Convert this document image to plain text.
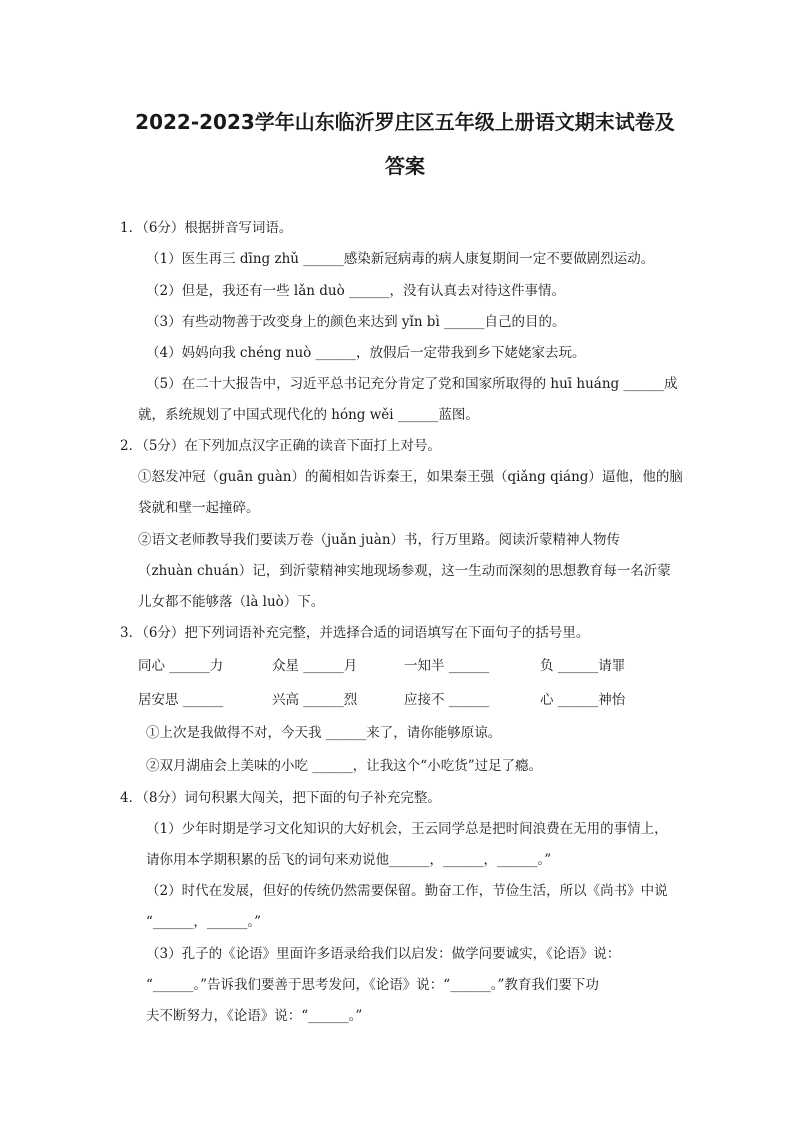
2022-2023学年山东临沂罗庄区五年级上册语文期末试卷及
答案
1．（6分）根据拼音写词语。
（1）医生再三 dīng zhǔ ______感染新冠病毒的病人康复期间一定不要做剧烈运动。
（2）但是，我还有一些 lǎn duò ______，没有认真去对待这件事情。
（3）有些动物善于改变身上的颜色来达到 yǐn bì ______自己的目的。
（4）妈妈向我 chéng nuò ______，放假后一定带我到乡下姥姥家去玩。
（5）在二十大报告中，习近平总书记充分肯定了党和国家所取得的 huī huáng ______成
就，系统规划了中国式现代化的 hóng wěi ______蓝图。
2．（5分）在下列加点汉字正确的读音下面打上对号。
①怒发冲冠（guān guàn）的蔺相如告诉秦王，如果秦王强（qiǎng qiáng）逼他，他的脑
袋就和壁一起撞碎。
②语文老师教导我们要读万卷（juǎn juàn）书，行万里路。阅读沂蒙精神人物传
（zhuàn chuán）记，到沂蒙精神实地现场参观，这一生动而深刻的思想教育每一名沂蒙
儿女都不能够落（là luò）下。
3．（6分）把下列词语补充完整，并选择合适的词语填写在下面句子的括号里。
同心 ______力	众星 ______月	一知半 ______	负 ______请罪
居安思 ______	兴高 ______烈	应接不 ______	心 ______神怡
①上次是我做得不对，今天我 ______来了，请你能够原谅。
②双月湖庙会上美味的小吃 ______，让我这个“小吃货”过足了瘾。
4．（8分）词句积累大闯关，把下面的句子补充完整。
（1）少年时期是学习文化知识的大好机会，王云同学总是把时间浪费在无用的事情上，
请你用本学期积累的岳飞的词句来劝说他______，______，______。”
（2）时代在发展，但好的传统仍然需要保留。勤奋工作，节俭生活，所以《尚书》中说
“______，______。”
（3）孔子的《论语》里面许多语录给我们以启发：做学问要诚实，《论语》说：
“______。”告诉我们要善于思考发问，《论语》说：“______。”教育我们要下功
夫不断努力，《论语》说：“______。”
